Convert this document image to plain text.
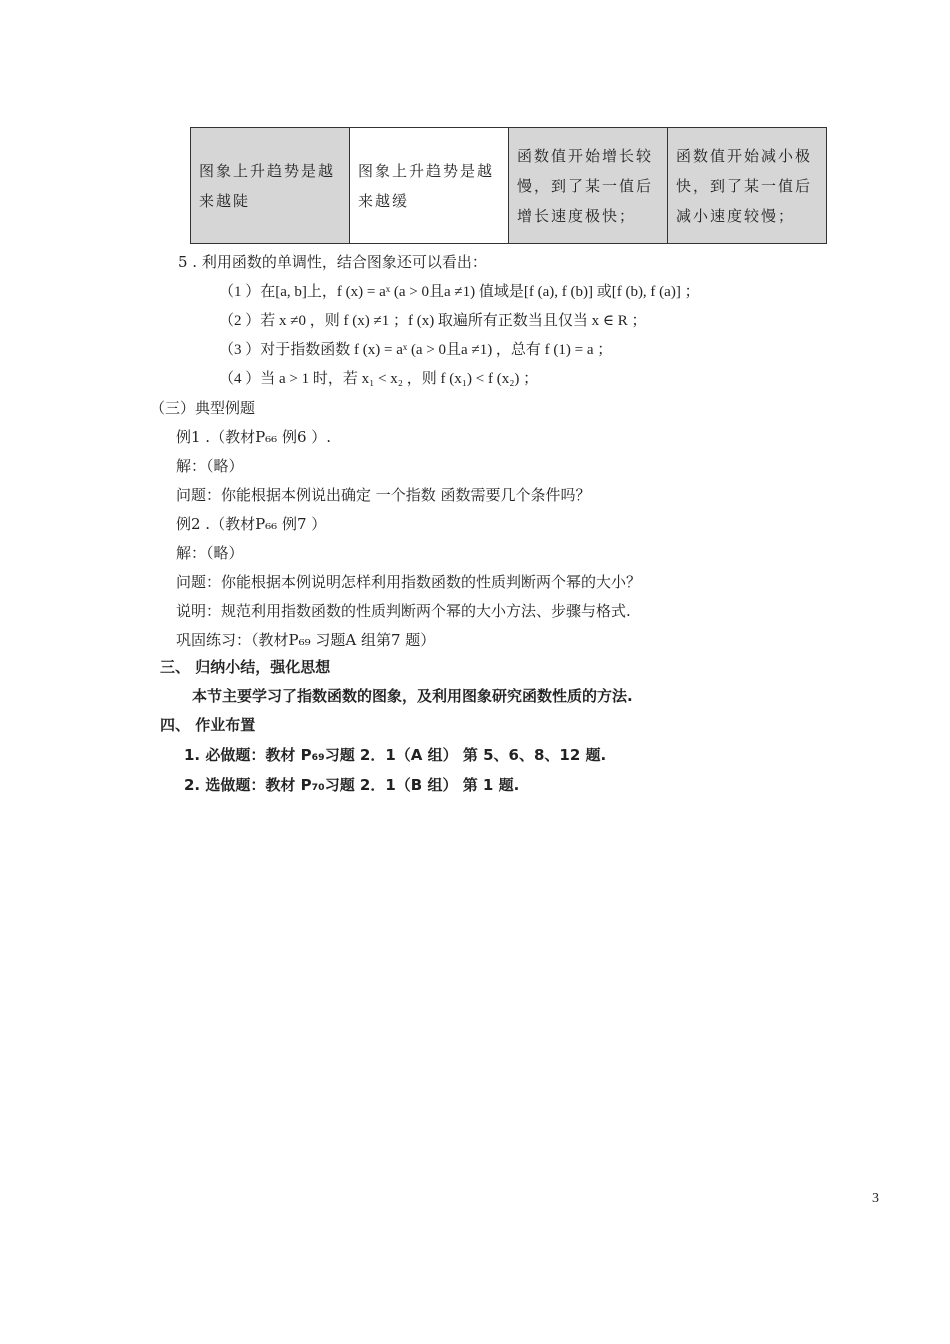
图象上升趋势是越来越陡	图象上升趋势是越来越缓	函数值开始增长较慢，到了某一值后增长速度极快；	函数值开始减小极快，到了某一值后减小速度较慢；
5 . 利用函数的单调性，结合图象还可以看出：
（1 ）在[a, b]上，f (x) = aˣ (a > 0且a ≠1) 值域是[f (a), f (b)] 或[f (b), f (a)] ；
（2 ）若 x ≠0 ，则 f (x) ≠1 ；f (x) 取遍所有正数当且仅当 x ∈ R ；
（3 ）对于指数函数 f (x) = aˣ (a > 0且a ≠1) ，总有 f (1) = a ；
（4 ）当 a > 1 时，若 x₁ < x₂ ，则 f (x₁) < f (x₂) ；
（三）典型例题
例1 .（教材P₆₆ 例6 ）.
解：（略）
问题：你能根据本例说出确定 一个指数 函数需要几个条件吗？
例2 .（教材P₆₆ 例7 ）
解：（略）
问题：你能根据本例说明怎样利用指数函数的性质判断两个幂的大小？
说明：规范利用指数函数的性质判断两个幂的大小方法、步骤与格式.
巩固练习：（教材P₆₉ 习题A 组第7 题）
三、 归纳小结，强化思想
本节主要学习了指数函数的图象，及利用图象研究函数性质的方法.
四、 作业布置
1. 必做题：教材 P₆₉习题 2．1（A 组） 第 5、6、8、12 题.
2. 选做题：教材 P₇₀习题 2．1（B 组） 第 1 题.
3
